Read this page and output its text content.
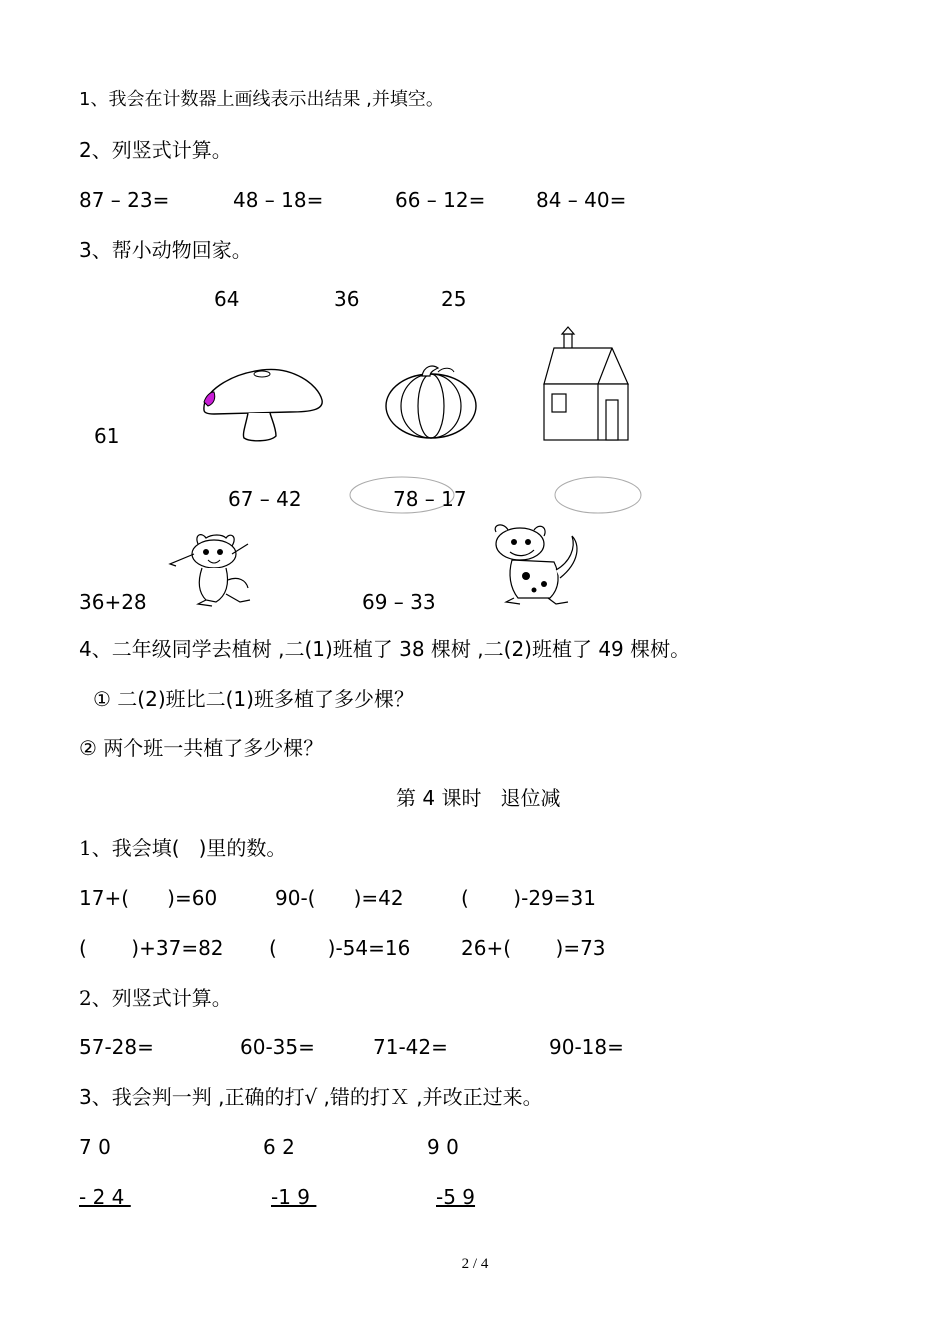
1、我会在计数器上画线表示出结果 ,并填空。
2、列竖式计算。
87 – 23=	48 – 18=	66 – 12=	84 – 40=
3、帮小动物回家。
64	36	25
61
67 – 42	78 – 17
36+28	69 – 33
4、二年级同学去植树 ,二(1)班植了 38 棵树 ,二(2)班植了 49 棵树。
① 二(2)班比二(1)班多植了多少棵？
② 两个班一共植了多少棵？
第 4 课时   退位减
1、我会填(   )里的数。
17+(      )=60	90-(      )=42	(       )-29=31
(       )+37=82 (        )-54=16	26+(       )=73
2、列竖式计算。
57-28=	60-35=	71-42=	90-18=
3、我会判一判 ,正确的打√ ,错的打Ｘ ,并改正过来。
7 0	6 2	9 0
- 2 4	-1 9	-5 9
2 / 4
